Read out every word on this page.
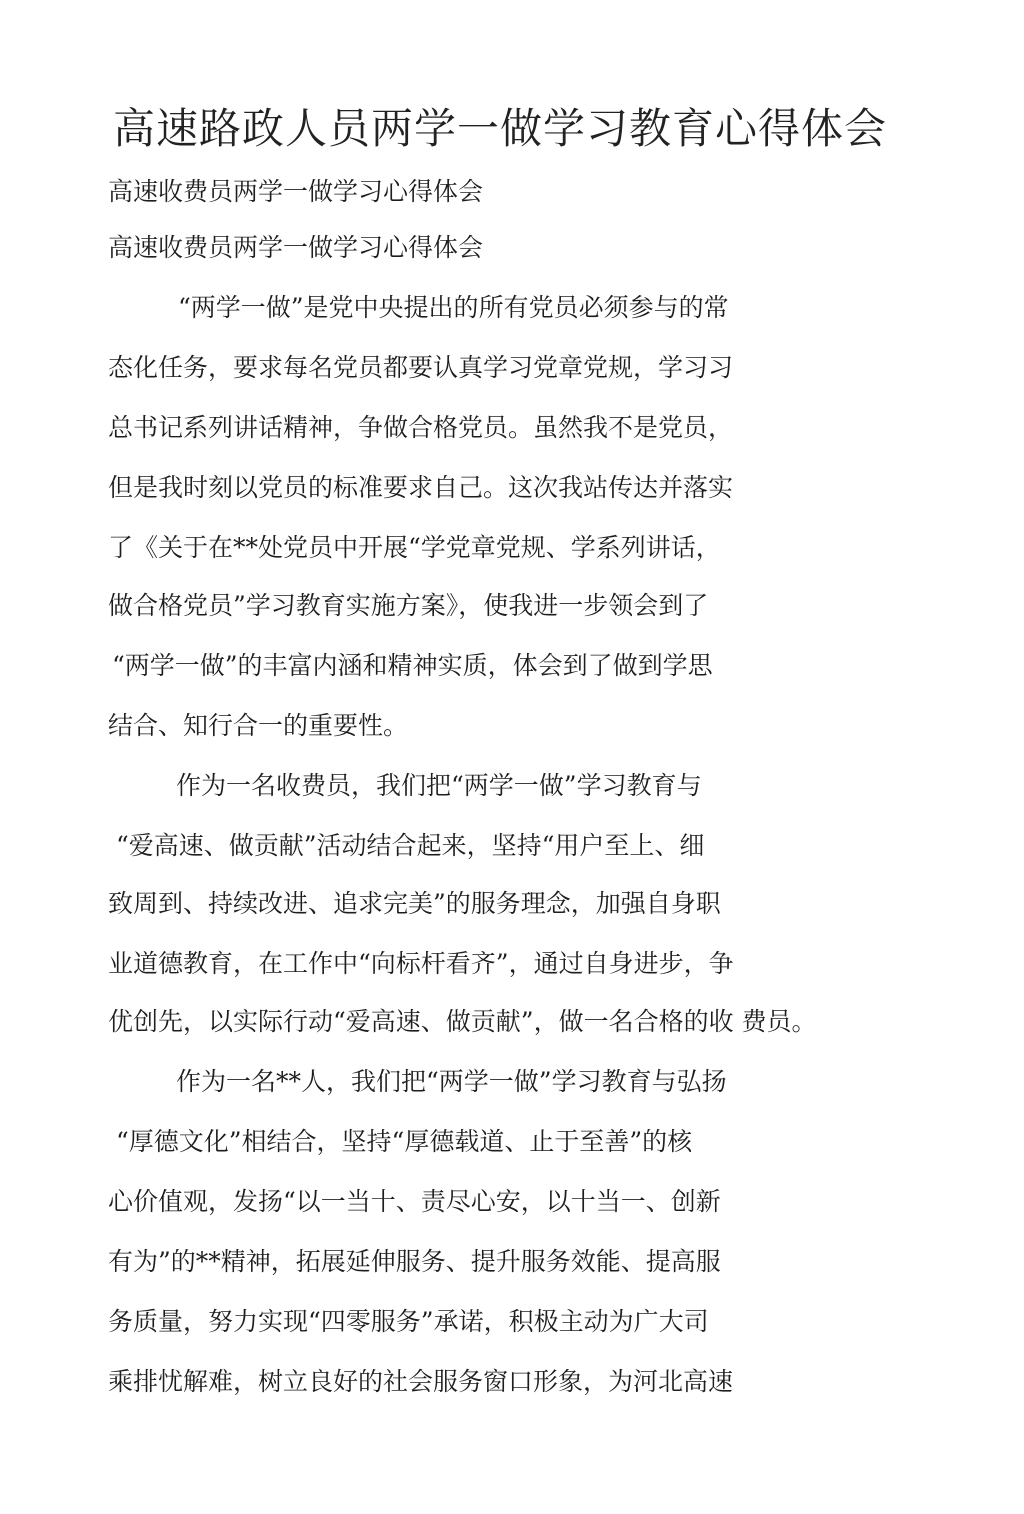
高速路政人员两学一做学习教育心得体会

高速收费员两学一做学习心得体会

高速收费员两学一做学习心得体会

“两学一做”是党中央提出的所有党员必须参与的常

态化任务，要求每名党员都要认真学习党章党规，学习习

总书记系列讲话精神，争做合格党员。虽然我不是党员，

但是我时刻以党员的标准要求自己。这次我站传达并落实

了《关于在**处党员中开展“学党章党规、学系列讲话，

做合格党员”学习教育实施方案》，使我进一步领会到了

“两学一做”的丰富内涵和精神实质，体会到了做到学思

结合、知行合一的重要性。

作为一名收费员，我们把“两学一做”学习教育与

“爱高速、做贡献”活动结合起来，坚持“用户至上、细

致周到、持续改进、追求完美”的服务理念，加强自身职

业道德教育，在工作中“向标杆看齐”，通过自身进步，争

优创先，以实际行动“爱高速、做贡献”，做一名合格的收 费员。

作为一名**人，我们把“两学一做”学习教育与弘扬

“厚德文化”相结合，坚持“厚德载道、止于至善”的核

心价值观，发扬“以一当十、责尽心安，以十当一、创新

有为”的**精神，拓展延伸服务、提升服务效能、提高服

务质量，努力实现“四零服务”承诺，积极主动为广大司

乘排忧解难，树立良好的社会服务窗口形象，为河北高速
